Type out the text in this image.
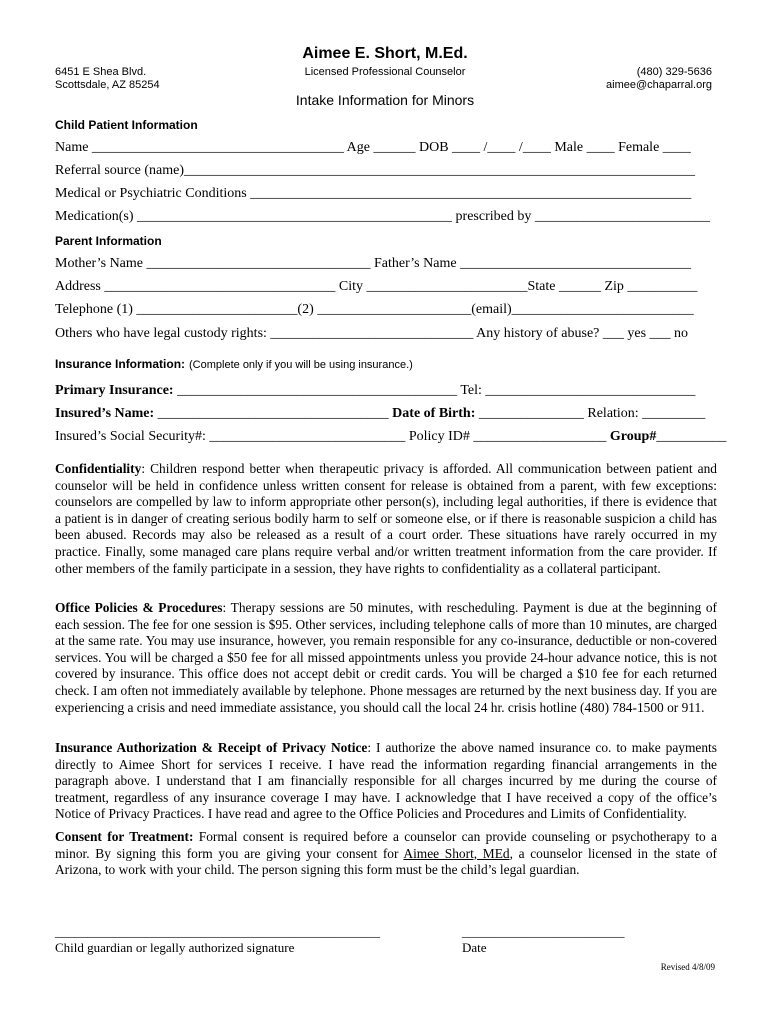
Aimee E. Short, M.Ed.
Licensed Professional Counselor
6451 E Shea Blvd.
Scottsdale, AZ 85254
(480) 329-5636
aimee@chaparral.org
Intake Information for Minors
Child Patient Information
Name ____________________________________ Age ______ DOB ____ /____ /____ Male ____ Female ____
Referral source (name)_________________________________________________________________________
Medical or Psychiatric Conditions _______________________________________________________________
Medication(s) _____________________________________________ prescribed by _________________________
Parent Information
Mother’s Name ________________________________ Father’s Name _________________________________
Address _________________________________ City _______________________State ______ Zip __________
Telephone (1) _______________________(2) ______________________(email)__________________________
Others who have legal custody rights: _____________________________ Any history of abuse? ___ yes ___ no
Insurance Information: (Complete only if you will be using insurance.)
Primary Insurance: ________________________________________ Tel: ______________________________
Insured’s Name: _________________________________ Date of Birth: _______________ Relation: _________
Insured’s Social Security#: ____________________________ Policy ID# ___________________ Group#__________
Confidentiality: Children respond better when therapeutic privacy is afforded. All communication between patient and counselor will be held in confidence unless written consent for release is obtained from a parent, with few exceptions: counselors are compelled by law to inform appropriate other person(s), including legal authorities, if there is evidence that a patient is in danger of creating serious bodily harm to self or someone else, or if there is reasonable suspicion a child has been abused. Records may also be released as a result of a court order. These situations have rarely occurred in my practice. Finally, some managed care plans require verbal and/or written treatment information from the care provider. If other members of the family participate in a session, they have rights to confidentiality as a collateral participant.
Office Policies & Procedures: Therapy sessions are 50 minutes, with rescheduling. Payment is due at the beginning of each session. The fee for one session is $95. Other services, including telephone calls of more than 10 minutes, are charged at the same rate. You may use insurance, however, you remain responsible for any co-insurance, deductible or non-covered services. You will be charged a $50 fee for all missed appointments unless you provide 24-hour advance notice, this is not covered by insurance. This office does not accept debit or credit cards. You will be charged a $10 fee for each returned check. I am often not immediately available by telephone. Phone messages are returned by the next business day. If you are experiencing a crisis and need immediate assistance, you should call the local 24 hr. crisis hotline (480) 784-1500 or 911.
Insurance Authorization & Receipt of Privacy Notice: I authorize the above named insurance co. to make payments directly to Aimee Short for services I receive. I have read the information regarding financial arrangements in the paragraph above. I understand that I am financially responsible for all charges incurred by me during the course of treatment, regardless of any insurance coverage I may have. I acknowledge that I have received a copy of the office’s Notice of Privacy Practices. I have read and agree to the Office Policies and Procedures and Limits of Confidentiality.
Consent for Treatment: Formal consent is required before a counselor can provide counseling or psychotherapy to a minor. By signing this form you are giving your consent for Aimee Short, MEd, a counselor licensed in the state of Arizona, to work with your child. The person signing this form must be the child’s legal guardian.
__________________________________________________
Child guardian or legally authorized signature
_________________________
Date
Revised 4/8/09
